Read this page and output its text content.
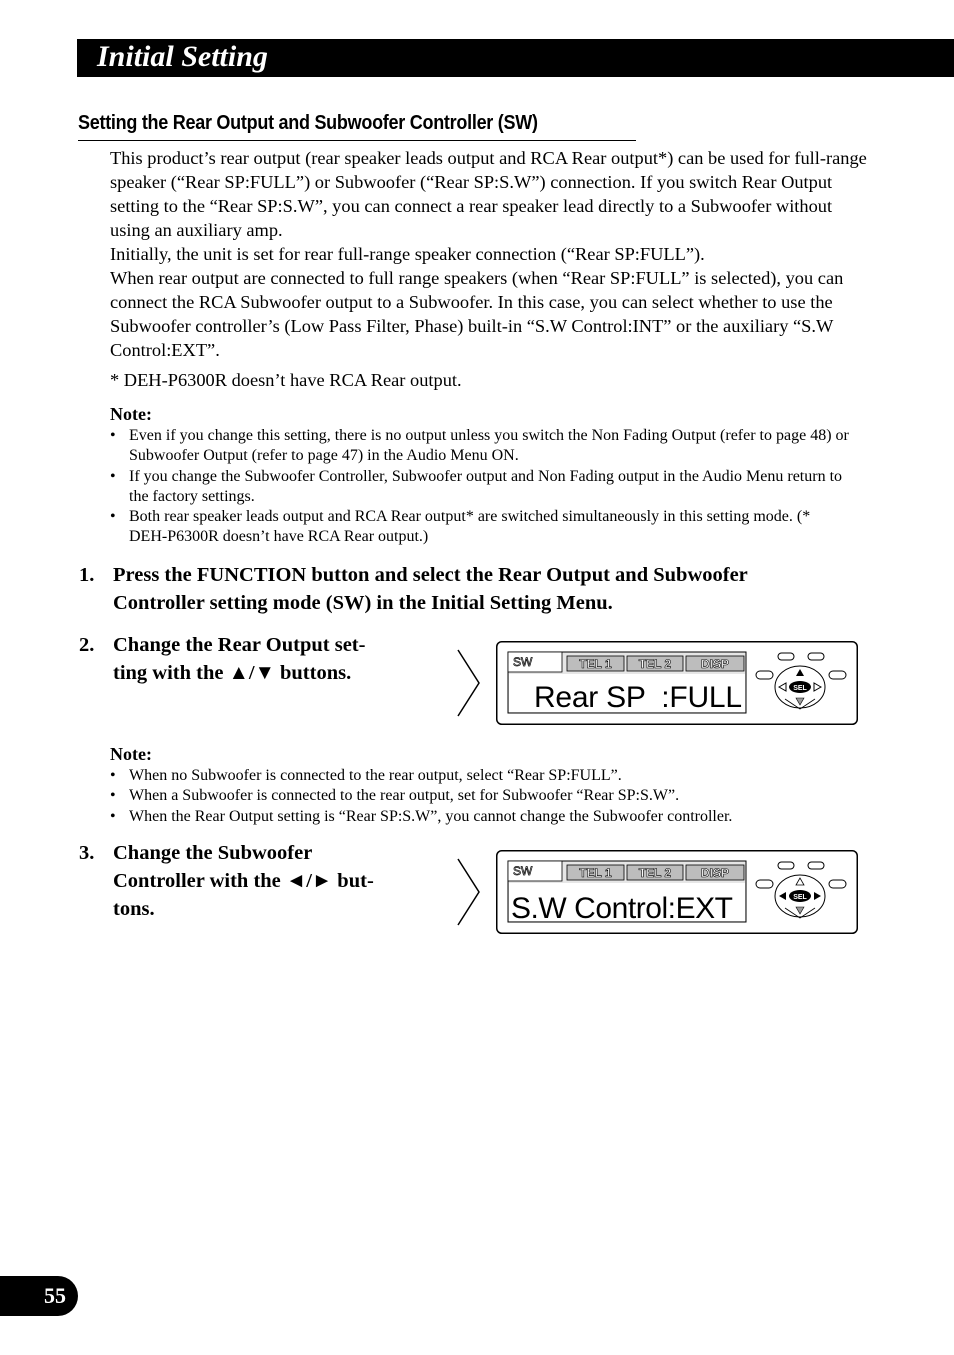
Initial Setting
Setting the Rear Output and Subwoofer Controller (SW)

This product’s rear output (rear speaker leads output and RCA Rear output*) can be used for full-range speaker (“Rear SP:FULL”) or Subwoofer (“Rear SP:S.W”) connection. If you switch Rear Output setting to the “Rear SP:S.W”, you can connect a rear speaker lead directly to a Subwoofer without using an auxiliary amp.

Initially, the unit is set for rear full-range speaker connection (“Rear SP:FULL”).

When rear output are connected to full range speakers (when “Rear SP:FULL” is selected), you can connect the RCA Subwoofer output to a Subwoofer. In this case, you can select whether to use the Subwoofer controller’s (Low Pass Filter, Phase) built-in “S.W Control:INT” or the auxiliary “S.W Control:EXT”.

* DEH-P6300R doesn’t have RCA Rear output.
Note:
• Even if you change this setting, there is no output unless you switch the Non Fading Output (refer to page 48) or Subwoofer Output (refer to page 47) in the Audio Menu ON.
• If you change the Subwoofer Controller, Subwoofer output and Non Fading output in the Audio Menu return to the factory settings.
• Both rear speaker leads output and RCA Rear output* are switched simultaneously in this setting mode. (* DEH-P6300R doesn’t have RCA Rear output.)
1. Press the FUNCTION button and select the Rear Output and Subwoofer
Controller setting mode (SW) in the Initial Setting Menu.
2. Change the Rear Output set-
ting with the ▲/▼ buttons.	SW	TEL 1 TEL 2 DISP
Rear SP  :FULL	SEL
Note:
• When no Subwoofer is connected to the rear output, select “Rear SP:FULL”.
• When a Subwoofer is connected to the rear output, set for Subwoofer “Rear SP:S.W”.
• When the Rear Output setting is “Rear SP:S.W”, you cannot change the Subwoofer controller.
3. Change the Subwoofer
Controller with the ◄/► but-
tons.
SW	TEL 1 TEL 2 DISP
S.W Control:EXT	SEL
55
